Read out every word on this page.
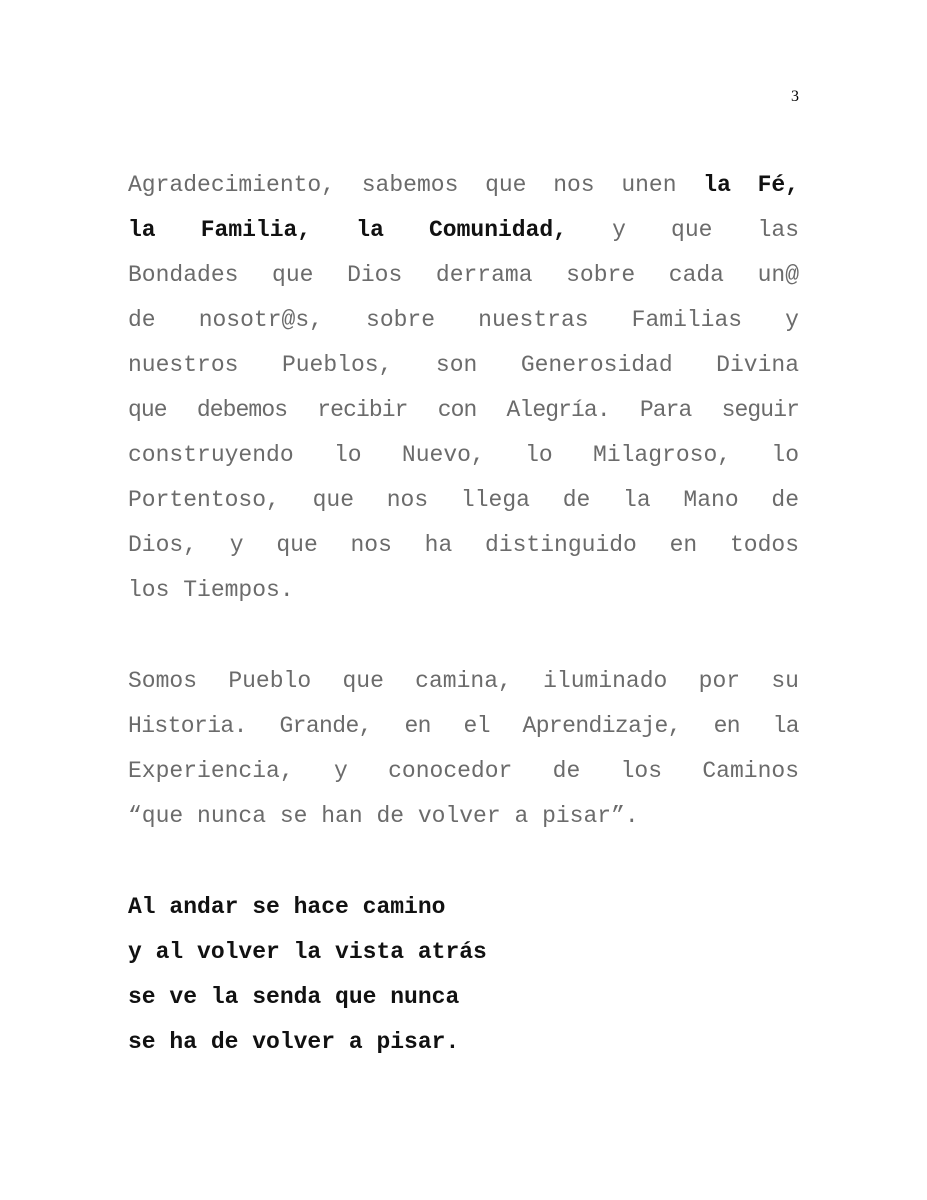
3
Agradecimiento, sabemos que nos unen la Fé,
la Familia, la Comunidad, y que las
Bondades que Dios derrama sobre cada un@
de nosotr@s, sobre nuestras Familias y
nuestros Pueblos, son Generosidad Divina
que debemos recibir con Alegría. Para seguir
construyendo lo Nuevo, lo Milagroso, lo
Portentoso, que nos llega de la Mano de
Dios, y que nos ha distinguido en todos
los Tiempos.
Somos Pueblo que camina, iluminado por su
Historia. Grande, en el Aprendizaje, en la
Experiencia, y conocedor de los Caminos
“que nunca se han de volver a pisar”.
Al andar se hace camino
y al volver la vista atrás
se ve la senda que nunca
se ha de volver a pisar.
